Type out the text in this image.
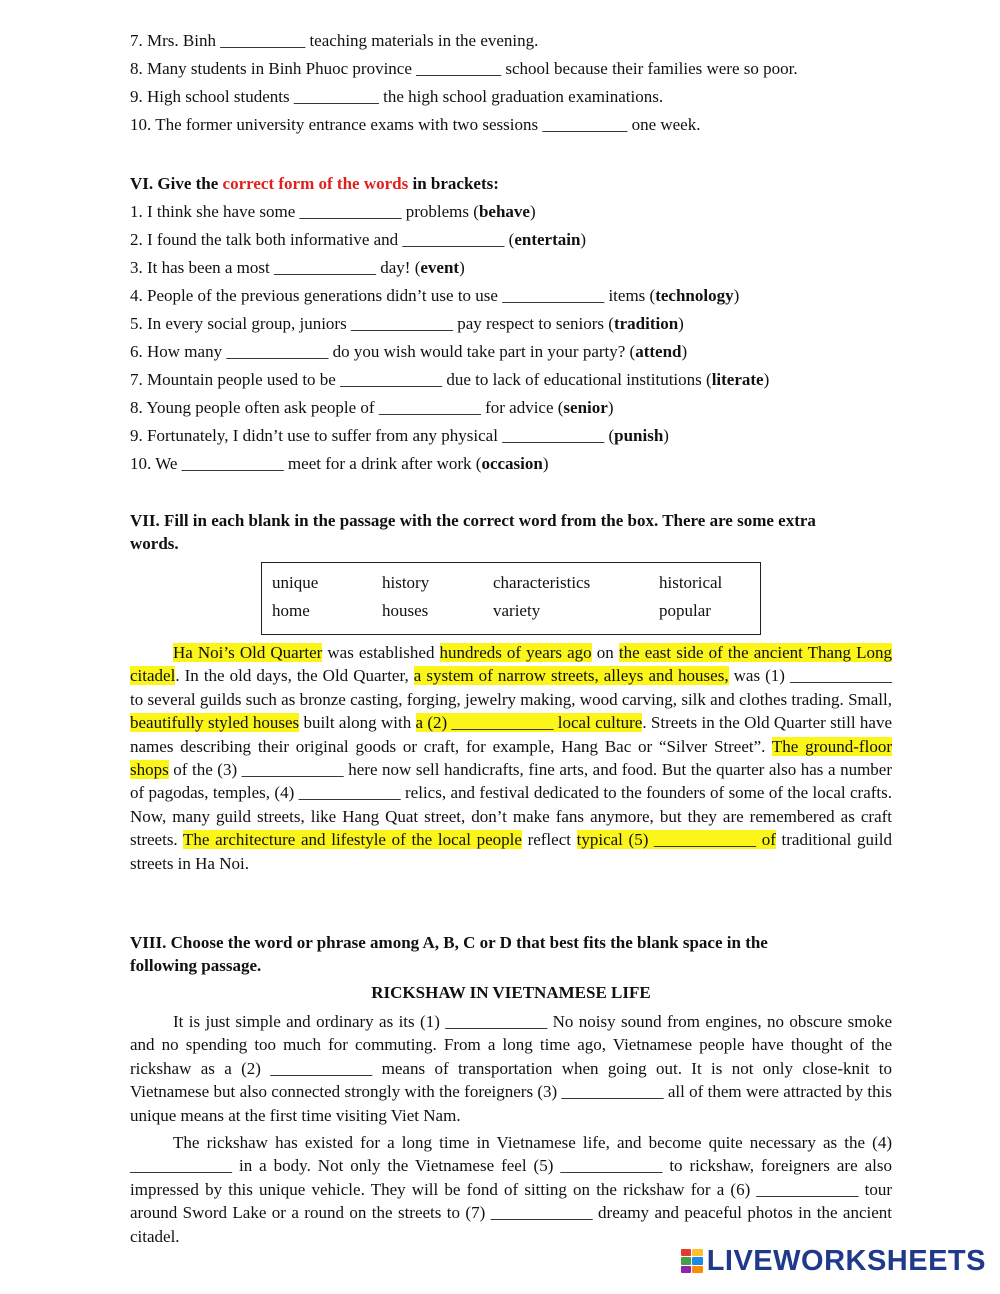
7. Mrs. Binh __________ teaching materials in the evening.
8. Many students in Binh Phuoc province __________ school because their families were so poor.
9. High school students __________ the high school graduation examinations.
10. The former university entrance exams with two sessions __________ one week.
VI. Give the correct form of the words in brackets:
1. I think she have some ____________ problems (behave)
2. I found the talk both informative and ____________ (entertain)
3. It has been a most ____________ day! (event)
4. People of the previous generations didn’t use to use ____________ items (technology)
5. In every social group, juniors ____________ pay respect to seniors (tradition)
6. How many ____________ do you wish would take part in your party? (attend)
7. Mountain people used to be ____________ due to lack of educational institutions (literate)
8. Young people often ask people of ____________ for advice (senior)
9. Fortunately, I didn’t use to suffer from any physical ____________ (punish)
10. We ____________ meet for a drink after work (occasion)
VII. Fill in each blank in the passage with the correct word from the box. There are some extra
words.
unique	history	characteristics	historical
home	houses	variety	popular
Ha Noi’s Old Quarter was established hundreds of years ago on the east side of the ancient Thang Long citadel. In the old days, the Old Quarter, a system of narrow streets, alleys and houses, was (1) ____________ to several guilds such as bronze casting, forging, jewelry making, wood carving, silk and clothes trading. Small, beautifully styled houses built along with a (2) ____________ local culture. Streets in the Old Quarter still have names describing their original goods or craft, for example, Hang Bac or “Silver Street”. The ground-floor shops of the (3) ____________ here now sell handicrafts, fine arts, and food. But the quarter also has a number of pagodas, temples, (4) ____________ relics, and festival dedicated to the founders of some of the local crafts. Now, many guild streets, like Hang Quat street, don’t make fans anymore, but they are remembered as craft streets. The architecture and lifestyle of the local people reflect typical (5) ____________ of traditional guild streets in Ha Noi.
VIII. Choose the word or phrase among A, B, C or D that best fits the blank space in the
following passage.
RICKSHAW IN VIETNAMESE LIFE
It is just simple and ordinary as its (1) ____________ No noisy sound from engines, no obscure smoke and no spending too much for commuting. From a long time ago, Vietnamese people have thought of the rickshaw as a (2) ____________ means of transportation when going out. It is not only close-knit to Vietnamese but also connected strongly with the foreigners (3) ____________ all of them were attracted by this unique means at the first time visiting Viet Nam.
The rickshaw has existed for a long time in Vietnamese life, and become quite necessary as the (4) ____________ in a body. Not only the Vietnamese feel (5) ____________ to rickshaw, foreigners are also impressed by this unique vehicle. They will be fond of sitting on the rickshaw for a (6) ____________ tour around Sword Lake or a round on the streets to (7) ____________ dreamy and peaceful photos in the ancient citadel.
LIVEWORKSHEETS
